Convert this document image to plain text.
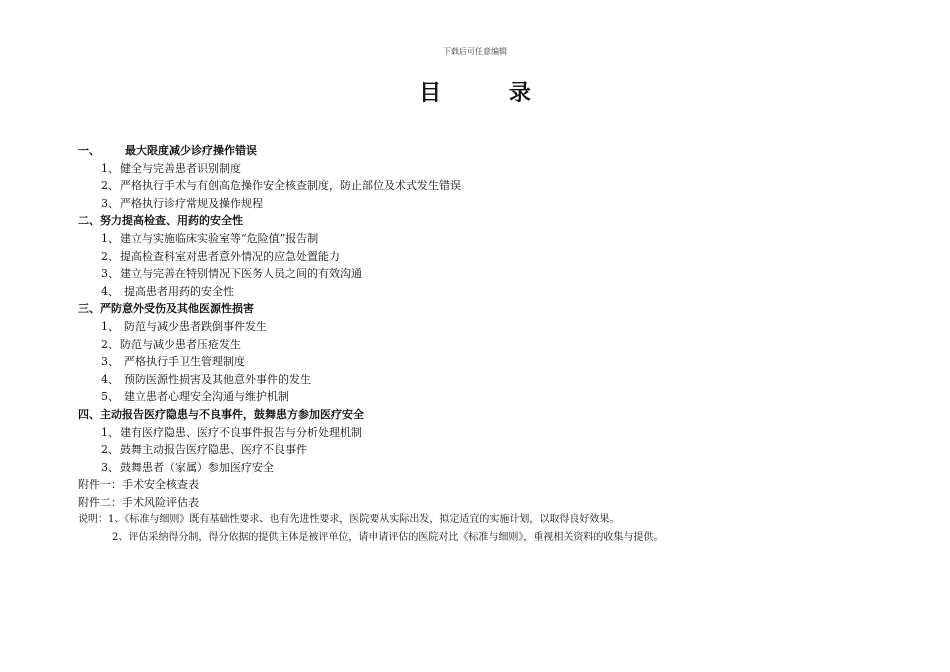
下载后可任意编辑
目 录
一、 最大限度减少诊疗操作错误
1、健全与完善患者识别制度
2、严格执行手术与有创高危操作安全核查制度，防止部位及术式发生错误
3、严格执行诊疗常规及操作规程
二、努力提高检查、用药的安全性
1、建立与实施临床实验室等“危险值”报告制
2、提高检查科室对患者意外情况的应急处置能力
3、建立与完善在特别情况下医务人员之间的有效沟通
4、 提高患者用药的安全性
三、严防意外受伤及其他医源性损害
1、 防范与减少患者跌倒事件发生
2、防范与减少患者压疮发生
3、 严格执行手卫生管理制度
4、 预防医源性损害及其他意外事件的发生
5、 建立患者心理安全沟通与维护机制
四、主动报告医疗隐患与不良事件，鼓舞患方参加医疗安全
1、建有医疗隐患、医疗不良事件报告与分析处理机制
2、鼓舞主动报告医疗隐患、医疗不良事件
3、鼓舞患者（家属）参加医疗安全
附件一：手术安全核查表
附件二：手术风险评估表
说明：1、《标准与细则》既有基础性要求、也有先进性要求，医院要从实际出发，拟定适宜的实施计划，以取得良好效果。
2、评估采纳得分制，得分依据的提供主体是被评单位，请申请评估的医院对比《标准与细则》，重视相关资料的收集与提供。
